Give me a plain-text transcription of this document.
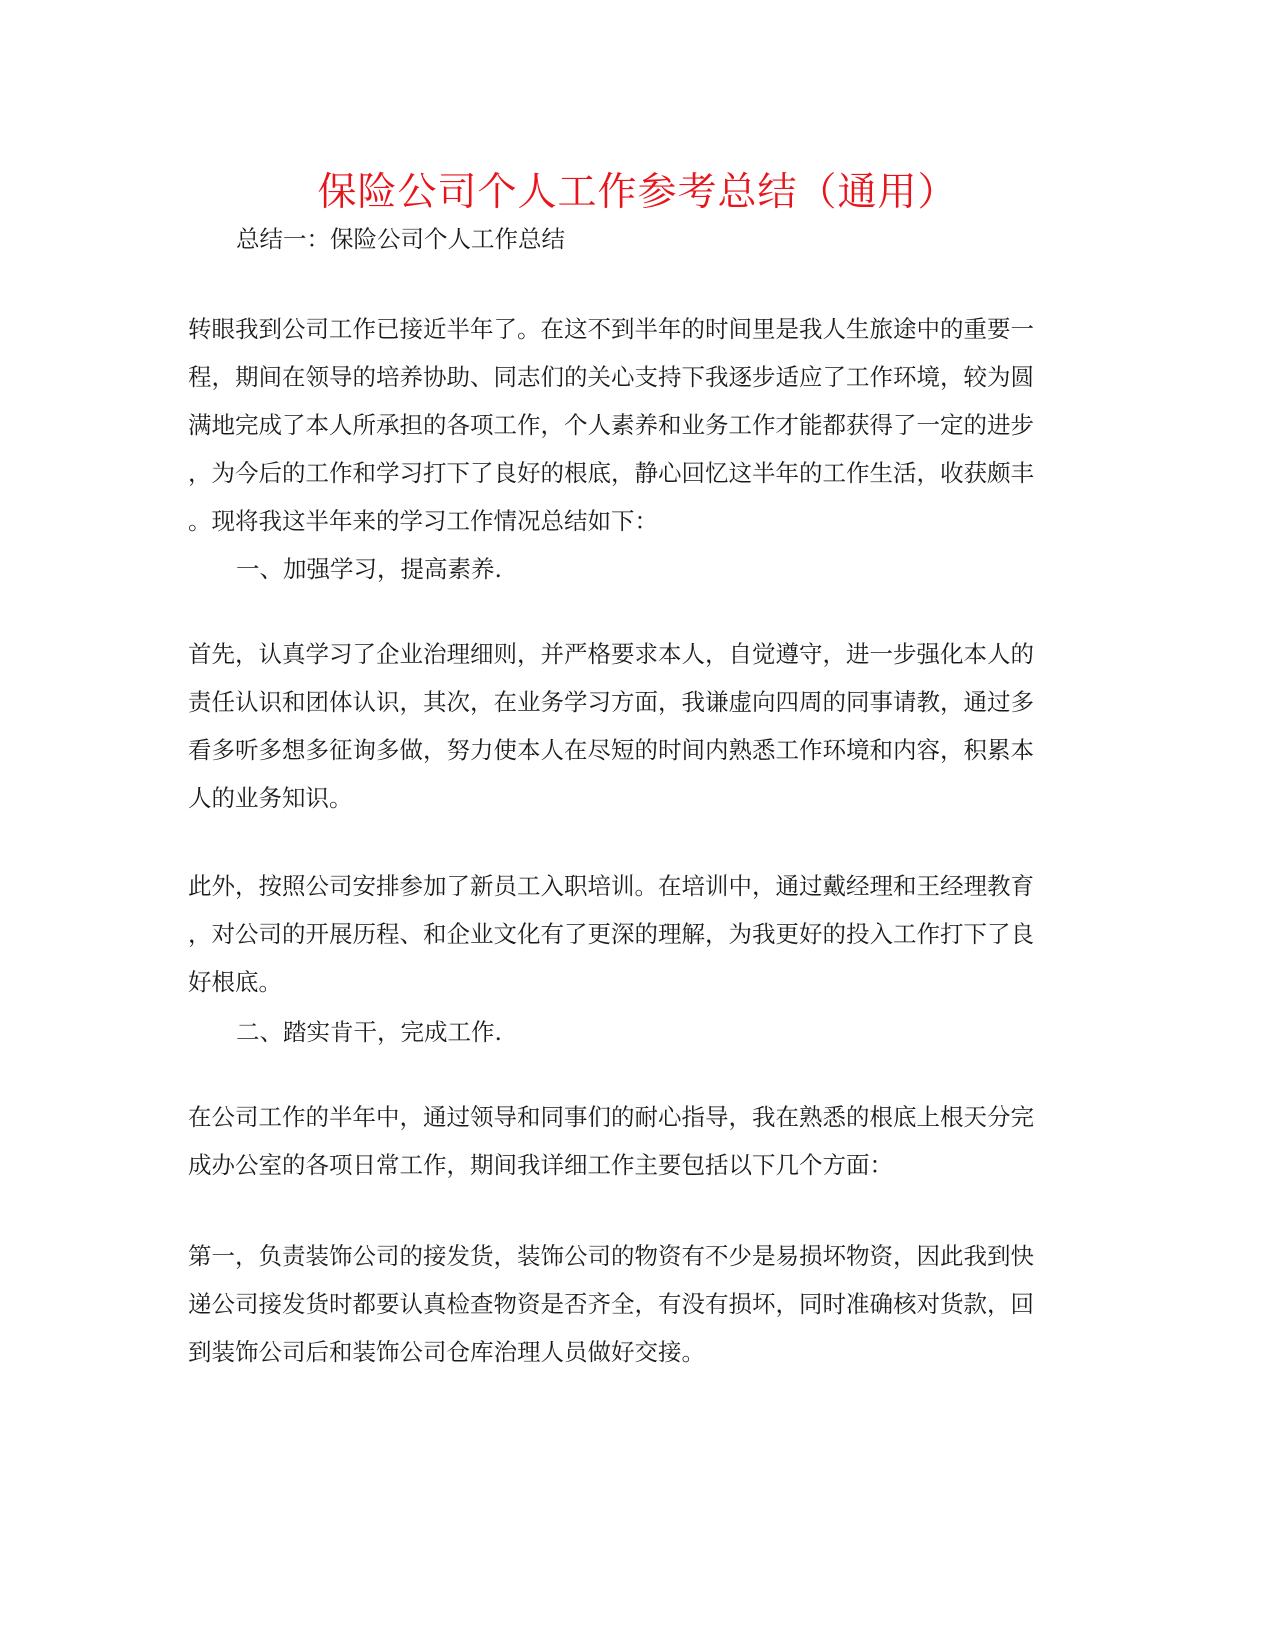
保险公司个人工作参考总结（通用）

总结一：保险公司个人工作总结

转眼我到公司工作已接近半年了。在这不到半年的时间里是我人生旅途中的重要一
程，期间在领导的培养协助、同志们的关心支持下我逐步适应了工作环境，较为圆
满地完成了本人所承担的各项工作，个人素养和业务工作才能都获得了一定的进步
，为今后的工作和学习打下了良好的根底，静心回忆这半年的工作生活，收获颇丰
。现将我这半年来的学习工作情况总结如下：

一、加强学习，提高素养.

首先，认真学习了企业治理细则，并严格要求本人，自觉遵守，进一步强化本人的
责任认识和团体认识，其次，在业务学习方面，我谦虚向四周的同事请教，通过多
看多听多想多征询多做，努力使本人在尽短的时间内熟悉工作环境和内容，积累本
人的业务知识。

此外，按照公司安排参加了新员工入职培训。在培训中，通过戴经理和王经理教育
，对公司的开展历程、和企业文化有了更深的理解，为我更好的投入工作打下了良
好根底。

二、踏实肯干，完成工作.

在公司工作的半年中，通过领导和同事们的耐心指导，我在熟悉的根底上根天分完
成办公室的各项日常工作，期间我详细工作主要包括以下几个方面：

第一，负责装饰公司的接发货，装饰公司的物资有不少是易损坏物资，因此我到快
递公司接发货时都要认真检查物资是否齐全，有没有损坏，同时准确核对货款，回
到装饰公司后和装饰公司仓库治理人员做好交接。
